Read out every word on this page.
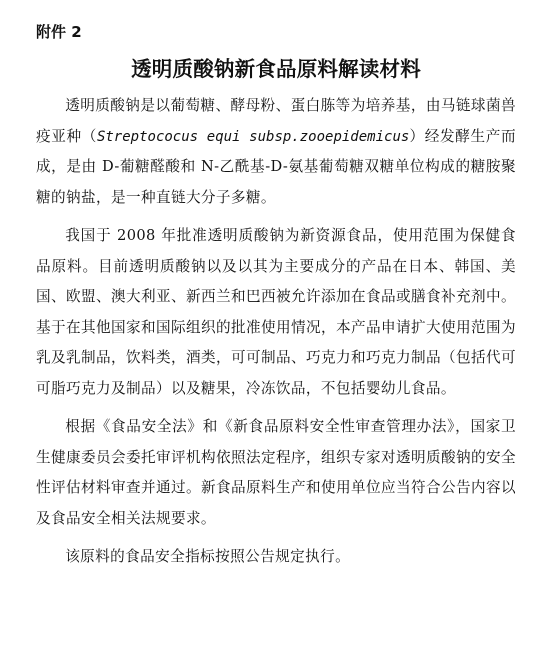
附件 2

透明质酸钠新食品原料解读材料

透明质酸钠是以葡萄糖、酵母粉、蛋白胨等为培养基，由马链球菌兽疫亚种（Streptococus equi subsp.zooepidemicus）经发酵生产而成，是由 D-葡糖醛酸和 N-乙酰基-D-氨基葡萄糖双糖单位构成的糖胺聚糖的钠盐，是一种直链大分子多糖。

我国于 2008 年批准透明质酸钠为新资源食品，使用范围为保健食品原料。目前透明质酸钠以及以其为主要成分的产品在日本、韩国、美国、欧盟、澳大利亚、新西兰和巴西被允许添加在食品或膳食补充剂中。基于在其他国家和国际组织的批准使用情况，本产品申请扩大使用范围为乳及乳制品，饮料类，酒类，可可制品、巧克力和巧克力制品（包括代可可脂巧克力及制品）以及糖果，冷冻饮品，不包括婴幼儿食品。

根据《食品安全法》和《新食品原料安全性审查管理办法》，国家卫生健康委员会委托审评机构依照法定程序，组织专家对透明质酸钠的安全性评估材料审查并通过。新食品原料生产和使用单位应当符合公告内容以及食品安全相关法规要求。

该原料的食品安全指标按照公告规定执行。
